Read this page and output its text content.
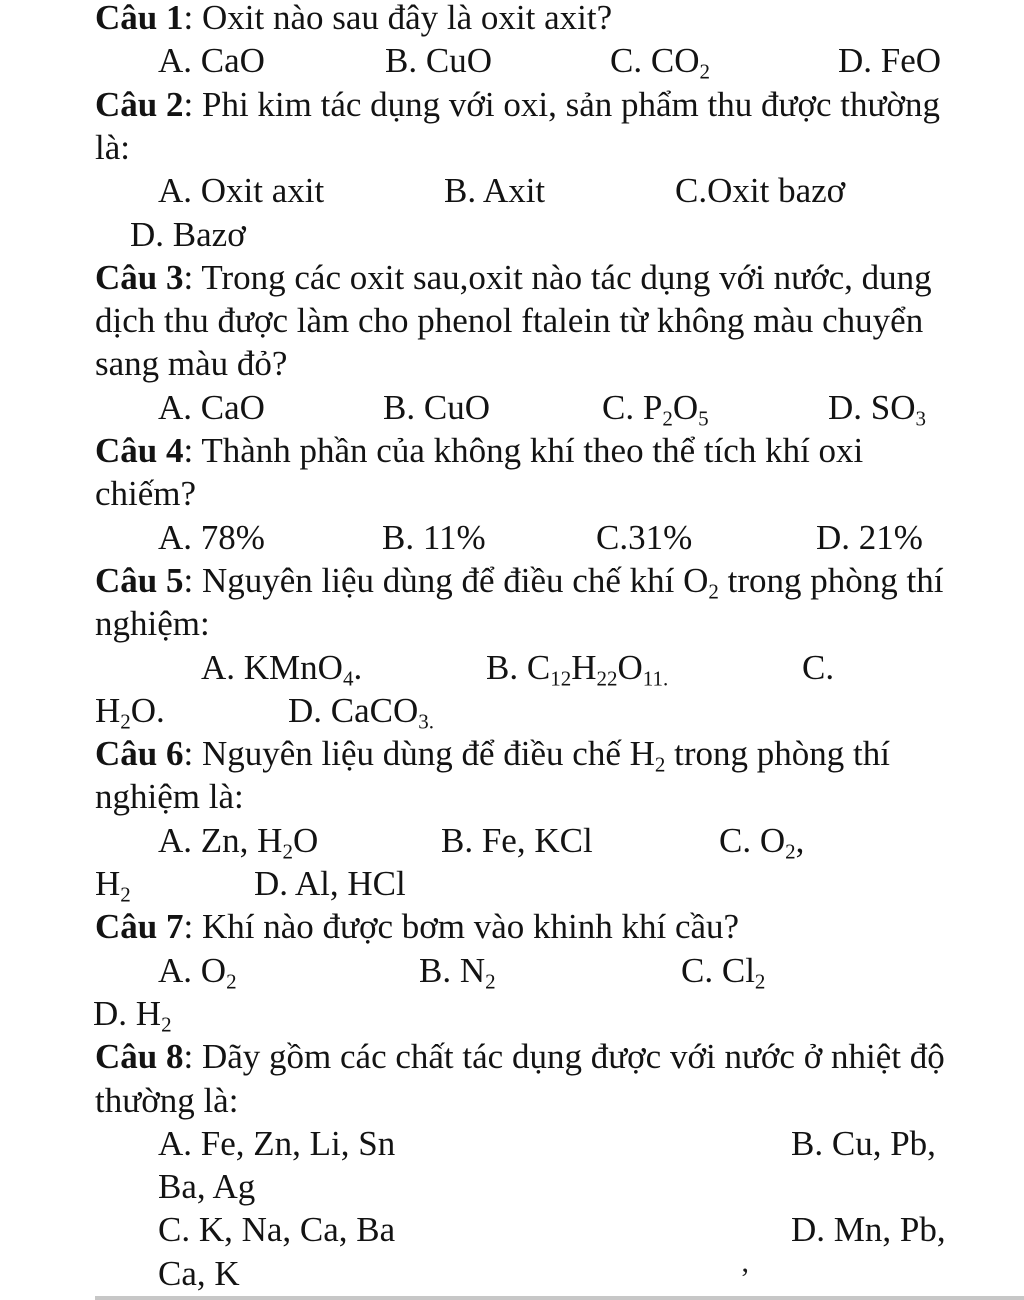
Câu 1: Oxit nào sau đây là oxit axit?
A. CaO	B. CuO	C. $CO_2$	D. FeO
Câu 2: Phi kim tác dụng với oxi, sản phẩm thu được thường
là:
A. Oxit axit	B. Axit	C.Oxit bazơ
D. Bazơ
Câu 3: Trong các oxit sau,oxit nào tác dụng với nước, dung
dịch thu được làm cho phenol ftalein từ không màu chuyển
sang màu đỏ?
A. CaO	B. CuO	C. $P_2O_5$	D. $SO_3$
Câu 4: Thành phần của không khí theo thể tích khí oxi
chiếm?
A. 78%	B. 11%	C.31%	D. 21%
Câu 5: Nguyên liệu dùng để điều chế khí $O_2$ trong phòng thí
nghiệm:
A. KMnO$_4$.	B. $C_{12}H_{22}O_{11.}$	C.
$H_2O$.	D. CaCO$_{3.}$
Câu 6: Nguyên liệu dùng để điều chế $H_2$ trong phòng thí
nghiệm là:
A. Zn, $H_2O$	B. Fe, KCl	C. $O_2$,
$H_2$	D. Al, HCl
Câu 7: Khí nào được bơm vào khinh khí cầu?
A. $O_2$	B. $N_2$	C. $Cl_2$
D. $H_2$
Câu 8: Dãy gồm các chất tác dụng được với nước ở nhiệt độ
thường là:
A. Fe, Zn, Li, Sn	B. Cu, Pb,
Ba, Ag
C. K, Na, Ca, Ba	D. Mn, Pb,
Ca, K	’
